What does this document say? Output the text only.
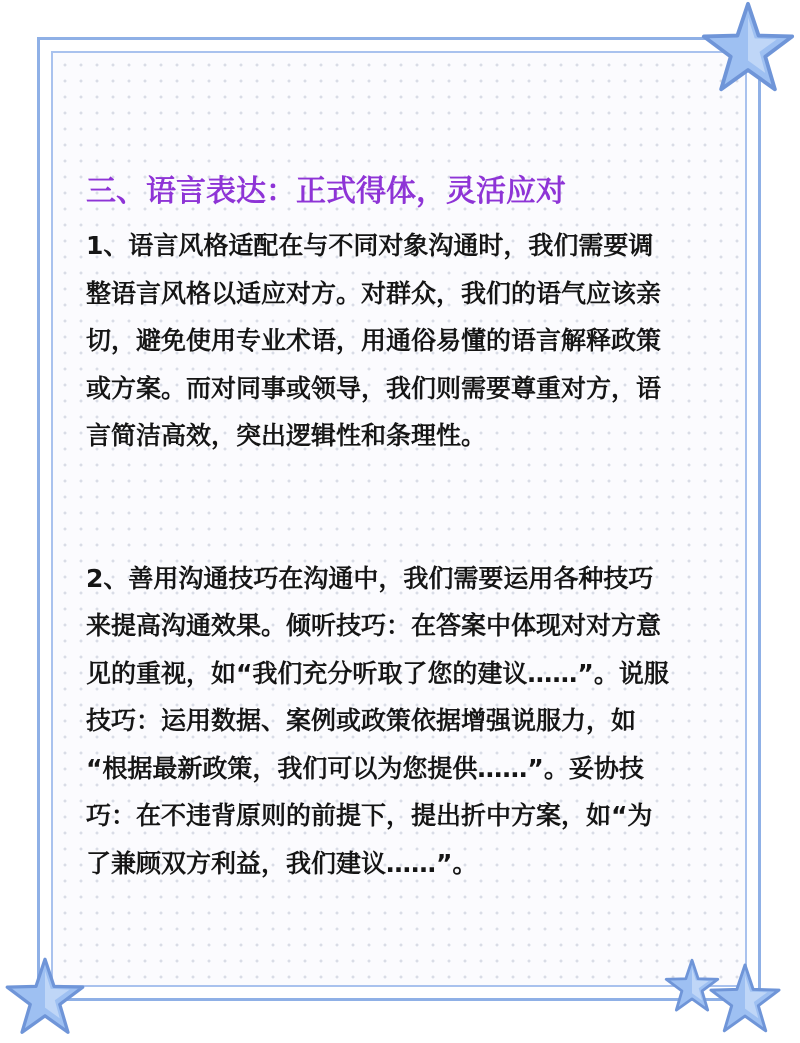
三、语言表达：正式得体，灵活应对

1、语言风格适配在与不同对象沟通时，我们需要调
整语言风格以适应对方。对群众，我们的语气应该亲
切，避免使用专业术语，用通俗易懂的语言解释政策
或方案。而对同事或领导，我们则需要尊重对方，语
言简洁高效，突出逻辑性和条理性。

2、善用沟通技巧在沟通中，我们需要运用各种技巧
来提高沟通效果。倾听技巧：在答案中体现对对方意
见的重视，如“我们充分听取了您的建议……”。说服
技巧：运用数据、案例或政策依据增强说服力，如
“根据最新政策，我们可以为您提供……”。妥协技
巧：在不违背原则的前提下，提出折中方案，如“为
了兼顾双方利益，我们建议……”。
